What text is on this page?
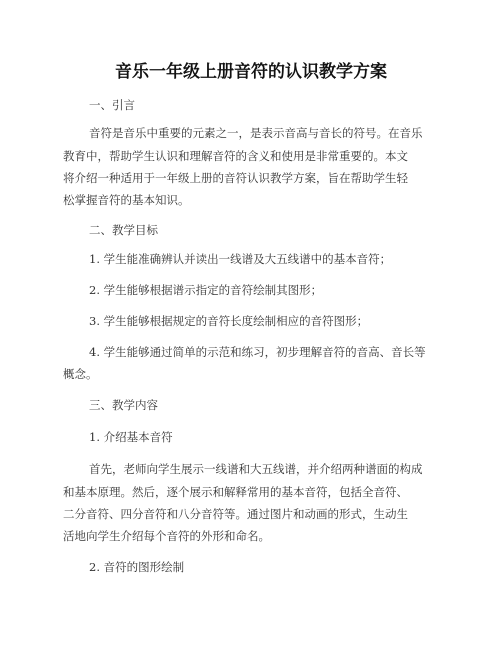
音乐一年级上册音符的认识教学方案

一、引言

音符是音乐中重要的元素之一，是表示音高与音长的符号。在音乐

教育中，帮助学生认识和理解音符的含义和使用是非常重要的。本文

将介绍一种适用于一年级上册的音符认识教学方案，旨在帮助学生轻

松掌握音符的基本知识。

二、教学目标

1. 学生能准确辨认并读出一线谱及大五线谱中的基本音符；

2. 学生能够根据谱示指定的音符绘制其图形；

3. 学生能够根据规定的音符长度绘制相应的音符图形；

4. 学生能够通过简单的示范和练习，初步理解音符的音高、音长等

概念。

三、教学内容

1. 介绍基本音符

首先，老师向学生展示一线谱和大五线谱，并介绍两种谱面的构成

和基本原理。然后，逐个展示和解释常用的基本音符，包括全音符、

二分音符、四分音符和八分音符等。通过图片和动画的形式，生动生

活地向学生介绍每个音符的外形和命名。

2. 音符的图形绘制
